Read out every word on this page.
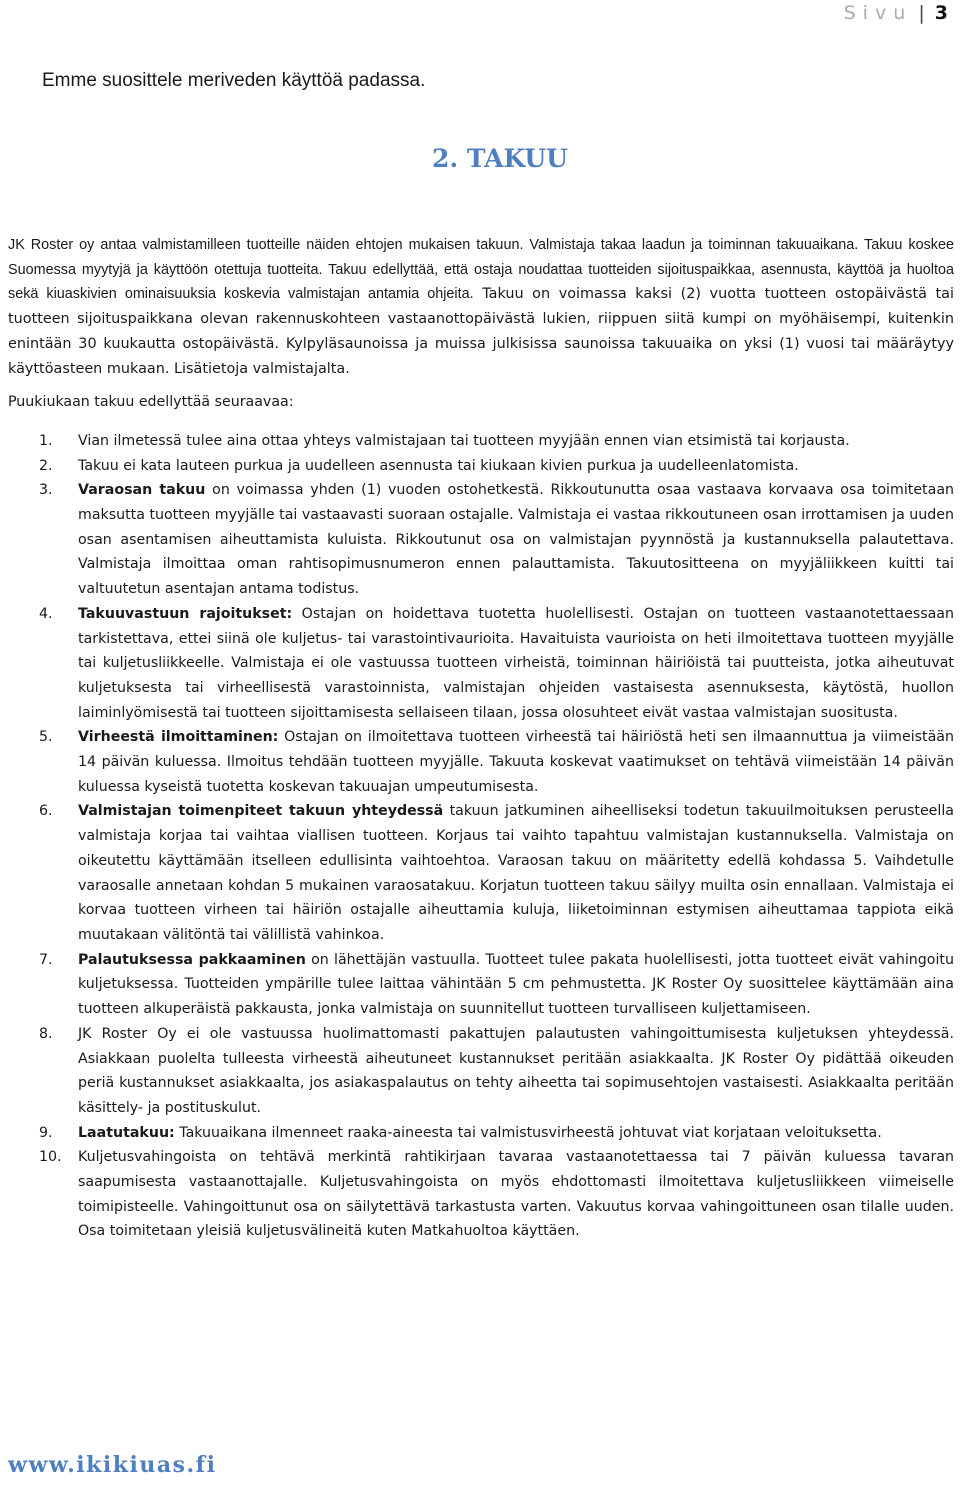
Sivu | 3

Emme suosittele meriveden käyttöä padassa.

2. TAKUU

JK Roster oy antaa valmistamilleen tuotteille näiden ehtojen mukaisen takuun. Valmistaja takaa laadun ja toiminnan takuuaikana. Takuu koskee Suomessa myytyjä ja käyttöön otettuja tuotteita. Takuu edellyttää, että ostaja noudattaa tuotteiden sijoituspaikkaa, asennusta, käyttöä ja huoltoa sekä kiuaskivien ominaisuuksia koskevia valmistajan antamia ohjeita. Takuu on voimassa kaksi (2) vuotta tuotteen ostopäivästä tai tuotteen sijoituspaikkana olevan rakennuskohteen vastaanottopäivästä lukien, riippuen siitä kumpi on myöhäisempi, kuitenkin enintään 30 kuukautta ostopäivästä. Kylpyläsaunoissa ja muissa julkisissa saunoissa takuuaika on yksi (1) vuosi tai määräytyy käyttöasteen mukaan. Lisätietoja valmistajalta.

Puukiukaan takuu edellyttää seuraavaa:

1. Vian ilmetessä tulee aina ottaa yhteys valmistajaan tai tuotteen myyjään ennen vian etsimistä tai korjausta.
2. Takuu ei kata lauteen purkua ja uudelleen asennusta tai kiukaan kivien purkua ja uudelleenlatomista.
3. Varaosan takuu on voimassa yhden (1) vuoden ostohetkestä. Rikkoutunutta osaa vastaava korvaava osa toimitetaan maksutta tuotteen myyjälle tai vastaavasti suoraan ostajalle. Valmistaja ei vastaa rikkoutuneen osan irrottamisen ja uuden osan asentamisen aiheuttamista kuluista. Rikkoutunut osa on valmistajan pyynnöstä ja kustannuksella palautettava. Valmistaja ilmoittaa oman rahtisopimusnumeron ennen palauttamista. Takuutositteena on myyjäliikkeen kuitti tai valtuutetun asentajan antama todistus.
4. Takuuvastuun rajoitukset: Ostajan on hoidettava tuotetta huolellisesti. Ostajan on tuotteen vastaanotettaessaan tarkistettava, ettei siinä ole kuljetus- tai varastointivaurioita. Havaituista vaurioista on heti ilmoitettava tuotteen myyjälle tai kuljetusliikkeelle. Valmistaja ei ole vastuussa tuotteen virheistä, toiminnan häiriöistä tai puutteista, jotka aiheutuvat kuljetuksesta tai virheellisestä varastoinnista, valmistajan ohjeiden vastaisesta asennuksesta, käytöstä, huollon laiminlyömisestä tai tuotteen sijoittamisesta sellaiseen tilaan, jossa olosuhteet eivät vastaa valmistajan suositusta.
5. Virheestä ilmoittaminen: Ostajan on ilmoitettava tuotteen virheestä tai häiriöstä heti sen ilmaannuttua ja viimeistään 14 päivän kuluessa. Ilmoitus tehdään tuotteen myyjälle. Takuuta koskevat vaatimukset on tehtävä viimeistään 14 päivän kuluessa kyseistä tuotetta koskevan takuuajan umpeutumisesta.
6. Valmistajan toimenpiteet takuun yhteydessä takuun jatkuminen aiheelliseksi todetun takuuilmoituksen perusteella valmistaja korjaa tai vaihtaa viallisen tuotteen. Korjaus tai vaihto tapahtuu valmistajan kustannuksella. Valmistaja on oikeutettu käyttämään itselleen edullisinta vaihtoehtoa. Varaosan takuu on määritetty edellä kohdassa 5. Vaihdetulle varaosalle annetaan kohdan 5 mukainen varaosatakuu. Korjatun tuotteen takuu säilyy muilta osin ennallaan. Valmistaja ei korvaa tuotteen virheen tai häiriön ostajalle aiheuttamia kuluja, liiketoiminnan estymisen aiheuttamaa tappiota eikä muutakaan välitöntä tai välillistä vahinkoa.
7. Palautuksessa pakkaaminen on lähettäjän vastuulla. Tuotteet tulee pakata huolellisesti, jotta tuotteet eivät vahingoitu kuljetuksessa. Tuotteiden ympärille tulee laittaa vähintään 5 cm pehmustetta. JK Roster Oy suosittelee käyttämään aina tuotteen alkuperäistä pakkausta, jonka valmistaja on suunnitellut tuotteen turvalliseen kuljettamiseen.
8. JK Roster Oy ei ole vastuussa huolimattomasti pakattujen palautusten vahingoittumisesta kuljetuksen yhteydessä. Asiakkaan puolelta tulleesta virheestä aiheutuneet kustannukset peritään asiakkaalta. JK Roster Oy pidättää oikeuden periä kustannukset asiakkaalta, jos asiakaspalautus on tehty aiheetta tai sopimusehtojen vastaisesti. Asiakkaalta peritään käsittely- ja postituskulut.
9. Laatutakuu: Takuuaikana ilmenneet raaka-aineesta tai valmistusvirheestä johtuvat viat korjataan veloituksetta.
10. Kuljetusvahingoista on tehtävä merkintä rahtikirjaan tavaraa vastaanotettaessa tai 7 päivän kuluessa tavaran saapumisesta vastaanottajalle. Kuljetusvahingoista on myös ehdottomasti ilmoitettava kuljetusliikkeen viimeiselle toimipisteelle. Vahingoittunut osa on säilytettävä tarkastusta varten. Vakuutus korvaa vahingoittuneen osan tilalle uuden. Osa toimitetaan yleisiä kuljetusvälineitä kuten Matkahuoltoa käyttäen.

www.ikikiuas.fi
